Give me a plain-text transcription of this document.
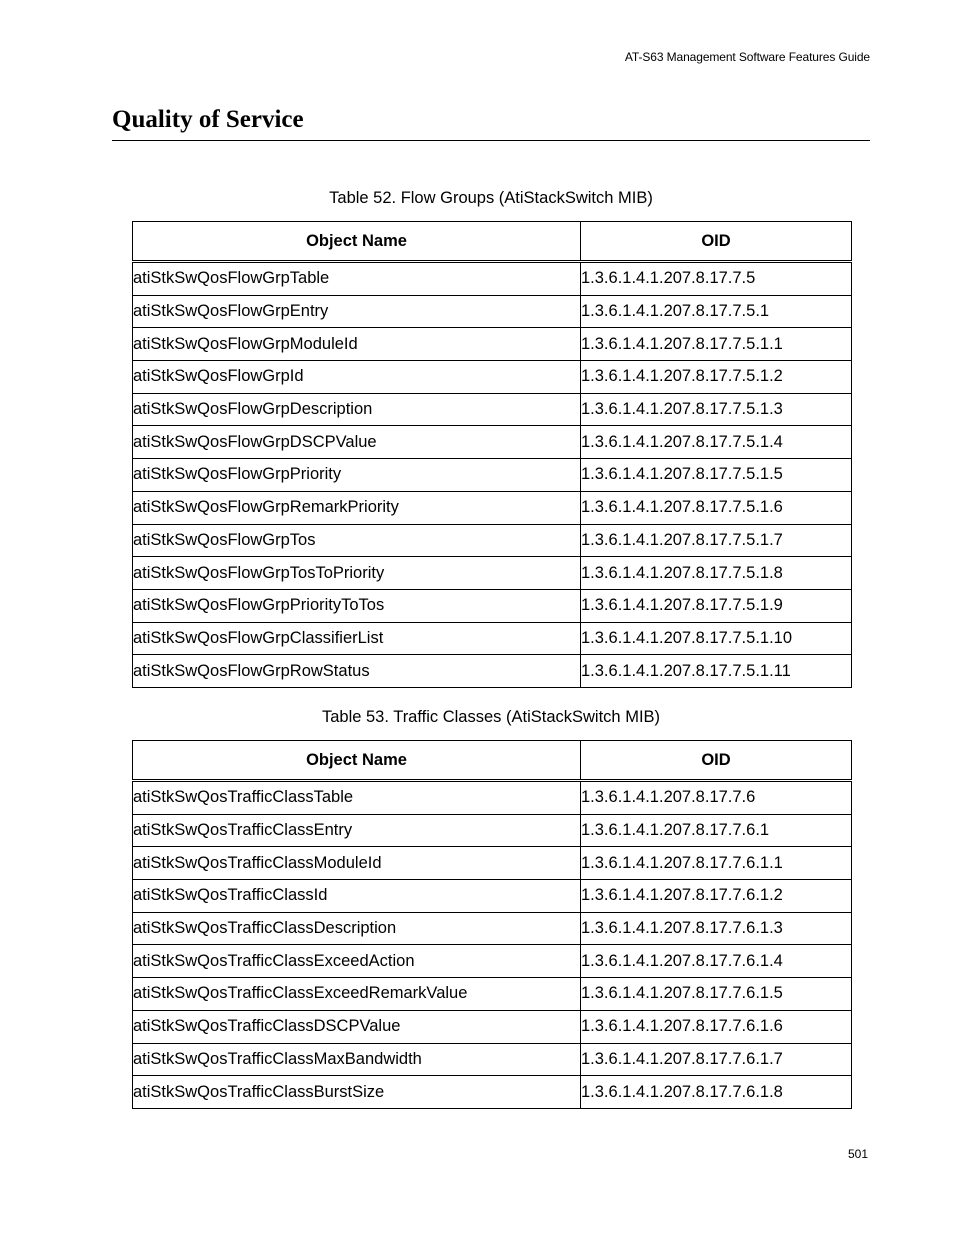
AT-S63 Management Software Features Guide
Quality of Service
Table 52. Flow Groups (AtiStackSwitch MIB)
Object Name	OID
atiStkSwQosFlowGrpTable	1.3.6.1.4.1.207.8.17.7.5
atiStkSwQosFlowGrpEntry	1.3.6.1.4.1.207.8.17.7.5.1
atiStkSwQosFlowGrpModuleId	1.3.6.1.4.1.207.8.17.7.5.1.1
atiStkSwQosFlowGrpId	1.3.6.1.4.1.207.8.17.7.5.1.2
atiStkSwQosFlowGrpDescription	1.3.6.1.4.1.207.8.17.7.5.1.3
atiStkSwQosFlowGrpDSCPValue	1.3.6.1.4.1.207.8.17.7.5.1.4
atiStkSwQosFlowGrpPriority	1.3.6.1.4.1.207.8.17.7.5.1.5
atiStkSwQosFlowGrpRemarkPriority	1.3.6.1.4.1.207.8.17.7.5.1.6
atiStkSwQosFlowGrpTos	1.3.6.1.4.1.207.8.17.7.5.1.7
atiStkSwQosFlowGrpTosToPriority	1.3.6.1.4.1.207.8.17.7.5.1.8
atiStkSwQosFlowGrpPriorityToTos	1.3.6.1.4.1.207.8.17.7.5.1.9
atiStkSwQosFlowGrpClassifierList	1.3.6.1.4.1.207.8.17.7.5.1.10
atiStkSwQosFlowGrpRowStatus	1.3.6.1.4.1.207.8.17.7.5.1.11
Table 53. Traffic Classes (AtiStackSwitch MIB)
Object Name	OID
atiStkSwQosTrafficClassTable	1.3.6.1.4.1.207.8.17.7.6
atiStkSwQosTrafficClassEntry	1.3.6.1.4.1.207.8.17.7.6.1
atiStkSwQosTrafficClassModuleId	1.3.6.1.4.1.207.8.17.7.6.1.1
atiStkSwQosTrafficClassId	1.3.6.1.4.1.207.8.17.7.6.1.2
atiStkSwQosTrafficClassDescription	1.3.6.1.4.1.207.8.17.7.6.1.3
atiStkSwQosTrafficClassExceedAction	1.3.6.1.4.1.207.8.17.7.6.1.4
atiStkSwQosTrafficClassExceedRemarkValue	1.3.6.1.4.1.207.8.17.7.6.1.5
atiStkSwQosTrafficClassDSCPValue	1.3.6.1.4.1.207.8.17.7.6.1.6
atiStkSwQosTrafficClassMaxBandwidth	1.3.6.1.4.1.207.8.17.7.6.1.7
atiStkSwQosTrafficClassBurstSize	1.3.6.1.4.1.207.8.17.7.6.1.8
501
